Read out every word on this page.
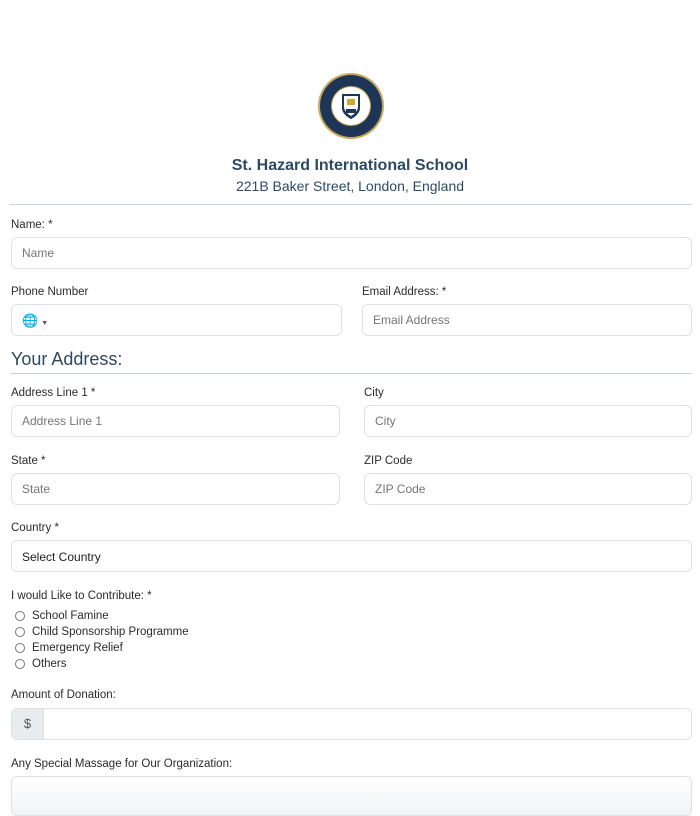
St. Hazard International School
221B Baker Street, London, England
Name: *
Name
Phone Number
🌐 ▼
Email Address: *
Email Address
Your Address:
Address Line 1 *
Address Line 1	City
City
State *
State	ZIP Code
ZIP Code
Country *
Select Country
I would Like to Contribute: *
School Famine
Child Sponsorship Programme
Emergency Relief
Others
Amount of Donation:
$
Any Special Massage for Our Organization:
